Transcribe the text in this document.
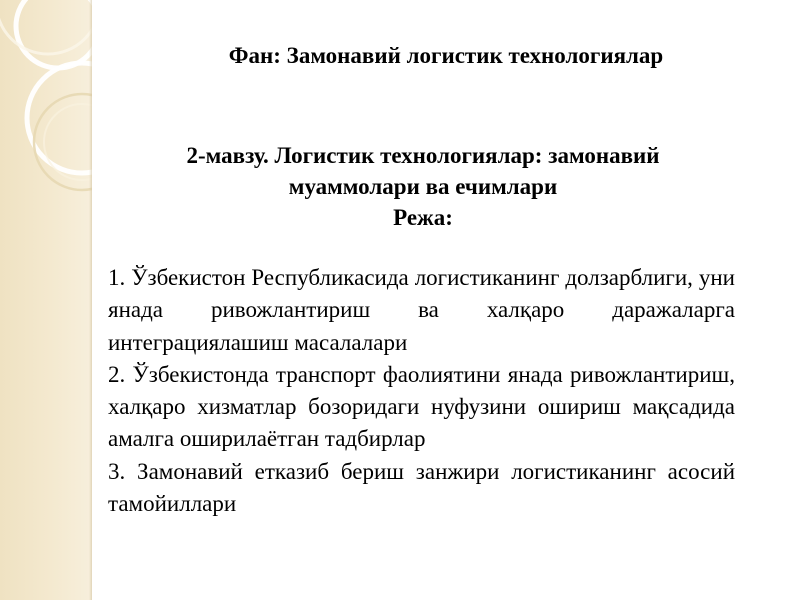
Фан: Замонавий логистик технологиялар
2-мавзу. Логистик технологиялар: замонавий
муаммолари ва ечимлари
Режа:
1. Ўзбекистон Республикасида логистиканинг долзарблиги, уни янада ривожлантириш ва халқаро даражаларга интеграциялашиш масалалари
2. Ўзбекистонда транспорт фаолиятини янада ривожлантириш, халқаро хизматлар бозоридаги нуфузини ошириш мақсадида амалга оширилаётган тадбирлар
3. Замонавий етказиб бериш занжири логистиканинг асосий тамойиллари
